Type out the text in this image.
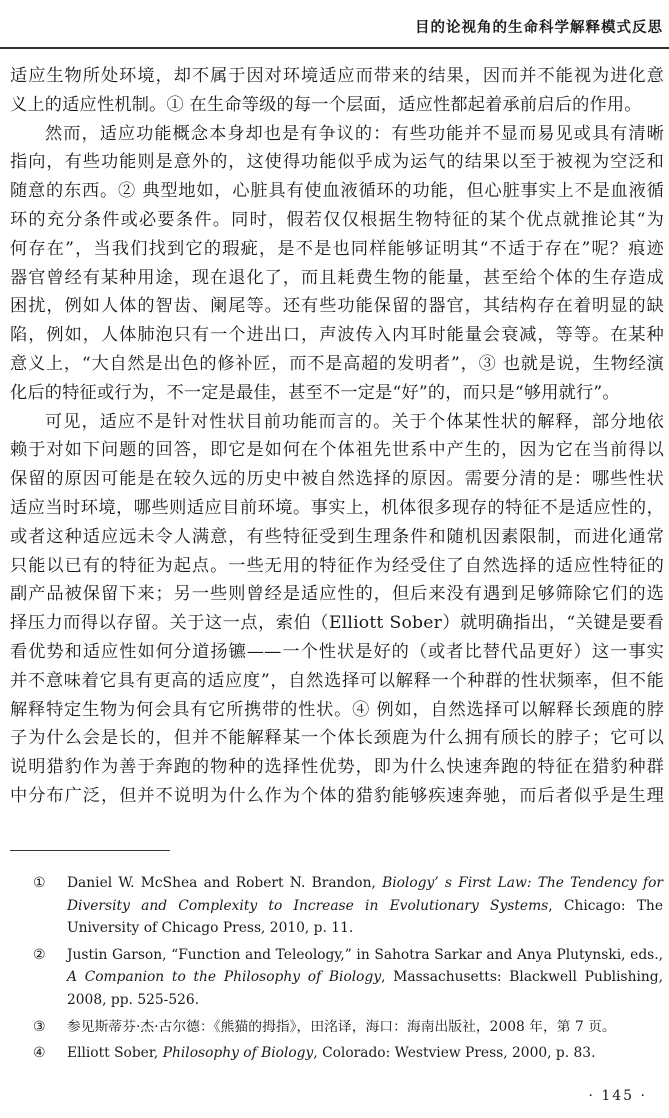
目的论视角的生命科学解释模式反思

适应生物所处环境，却不属于因对环境适应而带来的结果，因而并不能视为进化意

义上的适应性机制。① 在生命等级的每一个层面，适应性都起着承前启后的作用。

然而，适应功能概念本身却也是有争议的：有些功能并不显而易见或具有清晰

指向，有些功能则是意外的，这使得功能似乎成为运气的结果以至于被视为空泛和

随意的东西。② 典型地如，心脏具有使血液循环的功能，但心脏事实上不是血液循

环的充分条件或必要条件。同时，假若仅仅根据生物特征的某个优点就推论其“为

何存在”，当我们找到它的瑕疵，是不是也同样能够证明其“不适于存在”呢？痕迹

器官曾经有某种用途，现在退化了，而且耗费生物的能量，甚至给个体的生存造成

困扰，例如人体的智齿、阑尾等。还有些功能保留的器官，其结构存在着明显的缺

陷，例如，人体肺泡只有一个进出口，声波传入内耳时能量会衰减，等等。在某种

意义上，“大自然是出色的修补匠，而不是高超的发明者”，③ 也就是说，生物经演

化后的特征或行为，不一定是最佳，甚至不一定是“好”的，而只是“够用就行”。

可见，适应不是针对性状目前功能而言的。关于个体某性状的解释，部分地依

赖于对如下问题的回答，即它是如何在个体祖先世系中产生的，因为它在当前得以

保留的原因可能是在较久远的历史中被自然选择的原因。需要分清的是：哪些性状

适应当时环境，哪些则适应目前环境。事实上，机体很多现存的特征不是适应性的，

或者这种适应远未令人满意，有些特征受到生理条件和随机因素限制，而进化通常

只能以已有的特征为起点。一些无用的特征作为经受住了自然选择的适应性特征的

副产品被保留下来；另一些则曾经是适应性的，但后来没有遇到足够筛除它们的选

择压力而得以存留。关于这一点，索伯（Elliott Sober）就明确指出，“关键是要看

看优势和适应性如何分道扬镳——一个性状是好的（或者比替代品更好）这一事实

并不意味着它具有更高的适应度”，自然选择可以解释一个种群的性状频率，但不能

解释特定生物为何会具有它所携带的性状。④ 例如，自然选择可以解释长颈鹿的脖

子为什么会是长的，但并不能解释某一个体长颈鹿为什么拥有颀长的脖子；它可以

说明猎豹作为善于奔跑的物种的选择性优势，即为什么快速奔跑的特征在猎豹种群

中分布广泛，但并不说明为什么作为个体的猎豹能够疾速奔驰，而后者似乎是生理

① Daniel W. McShea and Robert N. Brandon, Biology’ s First Law: The Tendency for Diversity and Complexity to Increase in Evolutionary Systems, Chicago: The University of Chicago Press, 2010, p. 11.
② Justin Garson, “Function and Teleology,” in Sahotra Sarkar and Anya Plutynski, eds., A Companion to the Philosophy of Biology, Massachusetts: Blackwell Publishing, 2008, pp. 525-526.
③ 参见斯蒂芬·杰·古尔德：《熊猫的拇指》，田洺译，海口：海南出版社，2008 年，第 7 页。
④ Elliott Sober, Philosophy of Biology, Colorado: Westview Press, 2000, p. 83.
· 145 ·
